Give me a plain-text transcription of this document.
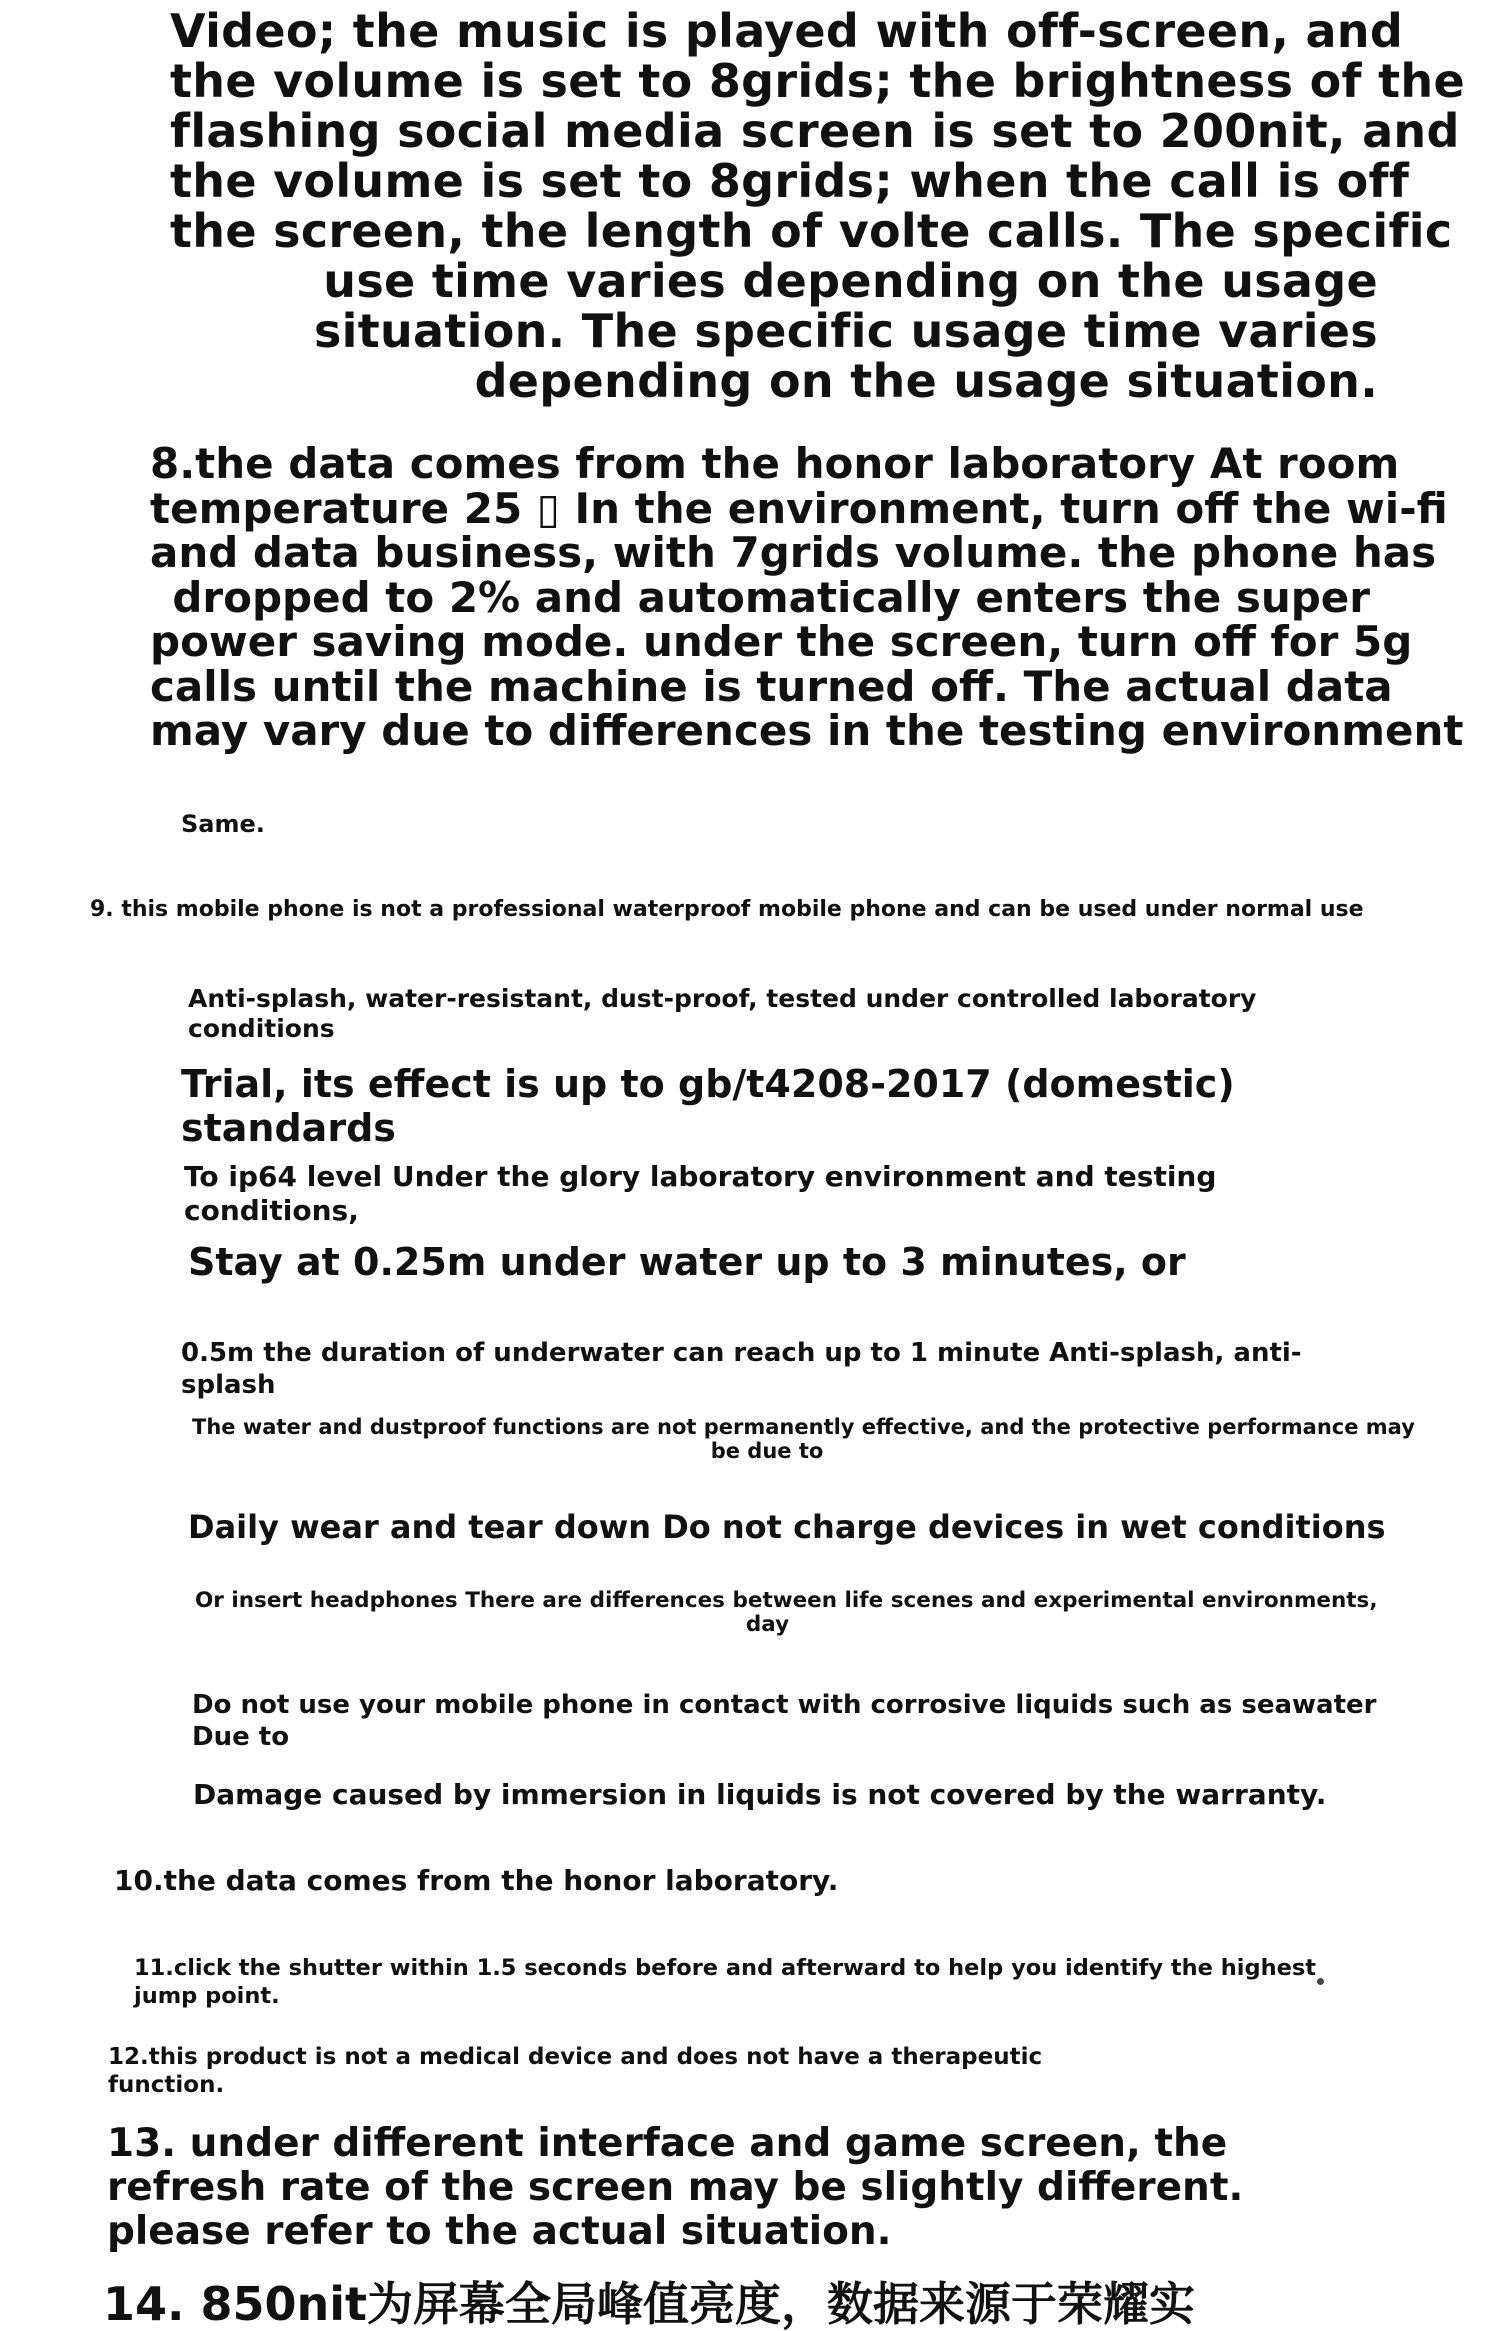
Video; the music is played with off-screen, and
the volume is set to 8grids; the brightness of the
flashing social media screen is set to 200nit, and
the volume is set to 8grids; when the call is off
the screen, the length of volte calls. The specific
use time varies depending on the usage
situation. The specific usage time varies
depending on the usage situation.
8.the data comes from the honor laboratory At room
temperature 25 ▯ In the environment, turn off the wi-fi
and data business, with 7grids volume. the phone has
dropped to 2% and automatically enters the super
power saving mode. under the screen, turn off for 5g
calls until the machine is turned off. The actual data
may vary due to differences in the testing environment

Same.

9. this mobile phone is not a professional waterproof mobile phone and can be used under normal use

Anti-splash, water-resistant, dust-proof, tested under controlled laboratory conditions

Trial, its effect is up to gb/t4208-2017 (domestic) standards

To ip64 level Under the glory laboratory environment and testing conditions,

Stay at 0.25m under water up to 3 minutes, or

0.5m the duration of underwater can reach up to 1 minute Anti-splash, anti-splash

The water and dustproof functions are not permanently effective, and the protective performance may
be due to

Daily wear and tear down Do not charge devices in wet conditions

Or insert headphones There are differences between life scenes and experimental environments,
day

Do not use your mobile phone in contact with corrosive liquids such as seawater Due to

Damage caused by immersion in liquids is not covered by the warranty.

10.the data comes from the honor laboratory.

11.click the shutter within 1.5 seconds before and afterward to help you identify the highest jump point.

12.this product is not a medical device and does not have a therapeutic function.

13. under different interface and game screen, the
refresh rate of the screen may be slightly different.
please refer to the actual situation.

14. 850nit为屏幕全局峰值亮度，数据来源于荣耀实
